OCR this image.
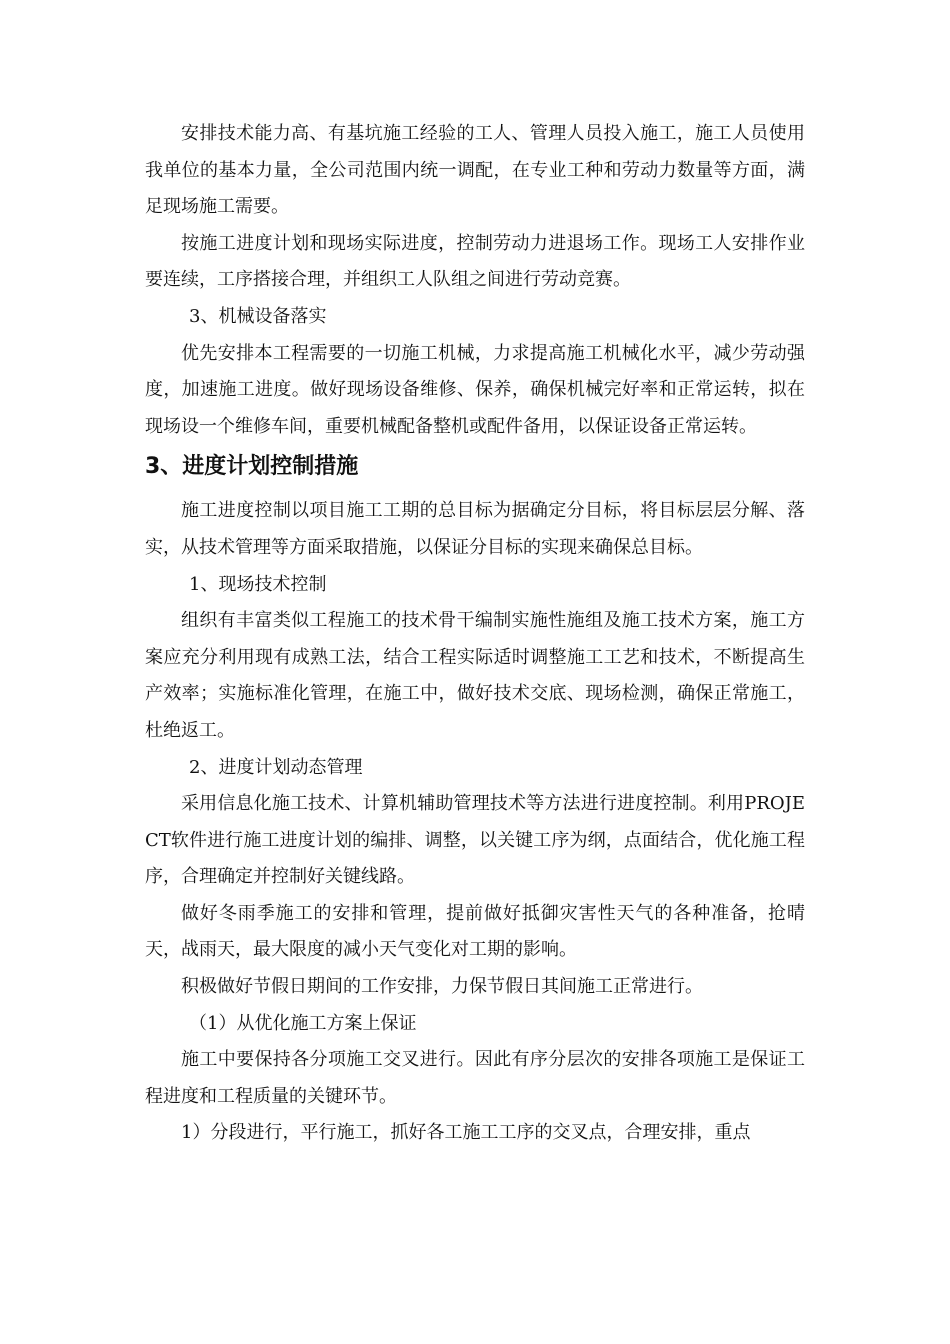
安排技术能力高、有基坑施工经验的工人、管理人员投入施工，施工人员使用我单位的基本力量，全公司范围内统一调配，在专业工种和劳动力数量等方面，满足现场施工需要。

按施工进度计划和现场实际进度，控制劳动力进退场工作。现场工人安排作业要连续，工序搭接合理，并组织工人队组之间进行劳动竞赛。

3、机械设备落实

优先安排本工程需要的一切施工机械，力求提高施工机械化水平，减少劳动强度，加速施工进度。做好现场设备维修、保养，确保机械完好率和正常运转，拟在现场设一个维修车间，重要机械配备整机或配件备用，以保证设备正常运转。

3、进度计划控制措施

施工进度控制以项目施工工期的总目标为据确定分目标，将目标层层分解、落实，从技术管理等方面采取措施，以保证分目标的实现来确保总目标。

1、现场技术控制

组织有丰富类似工程施工的技术骨干编制实施性施组及施工技术方案，施工方案应充分利用现有成熟工法，结合工程实际适时调整施工工艺和技术，不断提高生产效率；实施标准化管理，在施工中，做好技术交底、现场检测，确保正常施工，杜绝返工。

2、进度计划动态管理

采用信息化施工技术、计算机辅助管理技术等方法进行进度控制。利用PROJECT软件进行施工进度计划的编排、调整，以关键工序为纲，点面结合，优化施工程序，合理确定并控制好关键线路。

做好冬雨季施工的安排和管理，提前做好抵御灾害性天气的各种准备，抢晴天，战雨天，最大限度的减小天气变化对工期的影响。

积极做好节假日期间的工作安排，力保节假日其间施工正常进行。

（1）从优化施工方案上保证

施工中要保持各分项施工交叉进行。因此有序分层次的安排各项施工是保证工程进度和工程质量的关键环节。

1）分段进行，平行施工，抓好各工施工工序的交叉点，合理安排，重点
